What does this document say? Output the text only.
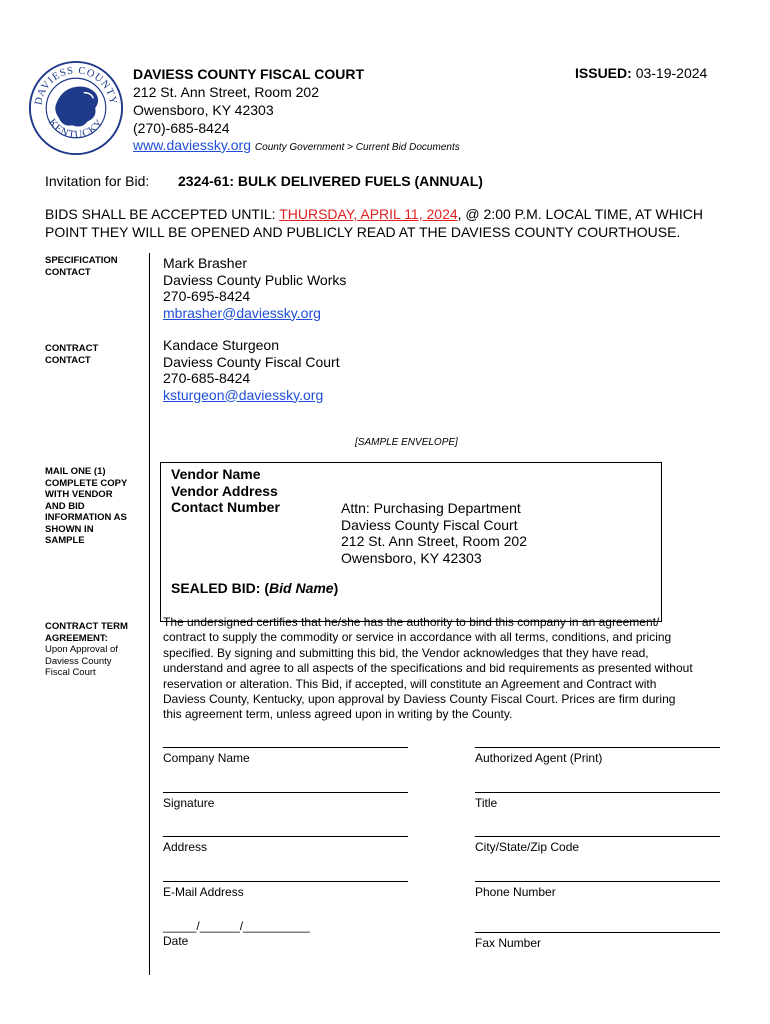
DAVIESS COUNTY
KENTUCKY
DAVIESS COUNTY FISCAL COURT	ISSUED: 03-19-2024
212 St. Ann Street, Room 202
Owensboro, KY 42303
(270)-685-8424
www.daviessky.org County Government > Current Bid Documents
Invitation for Bid: 2324-61: BULK DELIVERED FUELS (ANNUAL)
BIDS SHALL BE ACCEPTED UNTIL: THURSDAY, APRIL 11, 2024, @ 2:00 P.M. LOCAL TIME, AT WHICH
POINT THEY WILL BE OPENED AND PUBLICLY READ AT THE DAVIESS COUNTY COURTHOUSE.
SPECIFICATION
CONTACT
Mark Brasher
Daviess County Public Works
270-695-8424
mbrasher@daviessky.org
CONTRACT
CONTACT
Kandace Sturgeon
Daviess County Fiscal Court
270-685-8424
ksturgeon@daviessky.org
[SAMPLE ENVELOPE]
MAIL ONE (1)
COMPLETE COPY
WITH VENDOR
AND BID
INFORMATION AS
SHOWN IN
SAMPLE
Vendor Name
Vendor Address
Contact Number	Attn: Purchasing Department
Daviess County Fiscal Court
212 St. Ann Street, Room 202
Owensboro, KY 42303
SEALED BID: (Bid Name)
CONTRACT TERM
AGREEMENT:
Upon Approval of
Daviess County
Fiscal Court
The undersigned certifies that he/she has the authority to bind this company in an agreement/
contract to supply the commodity or service in accordance with all terms, conditions, and pricing
specified. By signing and submitting this bid, the Vendor acknowledges that they have read,
understand and agree to all aspects of the specifications and bid requirements as presented without
reservation or alteration. This Bid, if accepted, will constitute an Agreement and Contract with
Daviess County, Kentucky, upon approval by Daviess County Fiscal Court. Prices are firm during
this agreement term, unless agreed upon in writing by the County.
Company Name	Authorized Agent (Print)
Signature	Title
Address	City/State/Zip Code
E-Mail Address	Phone Number
_____/______/__________
Date	Fax Number
